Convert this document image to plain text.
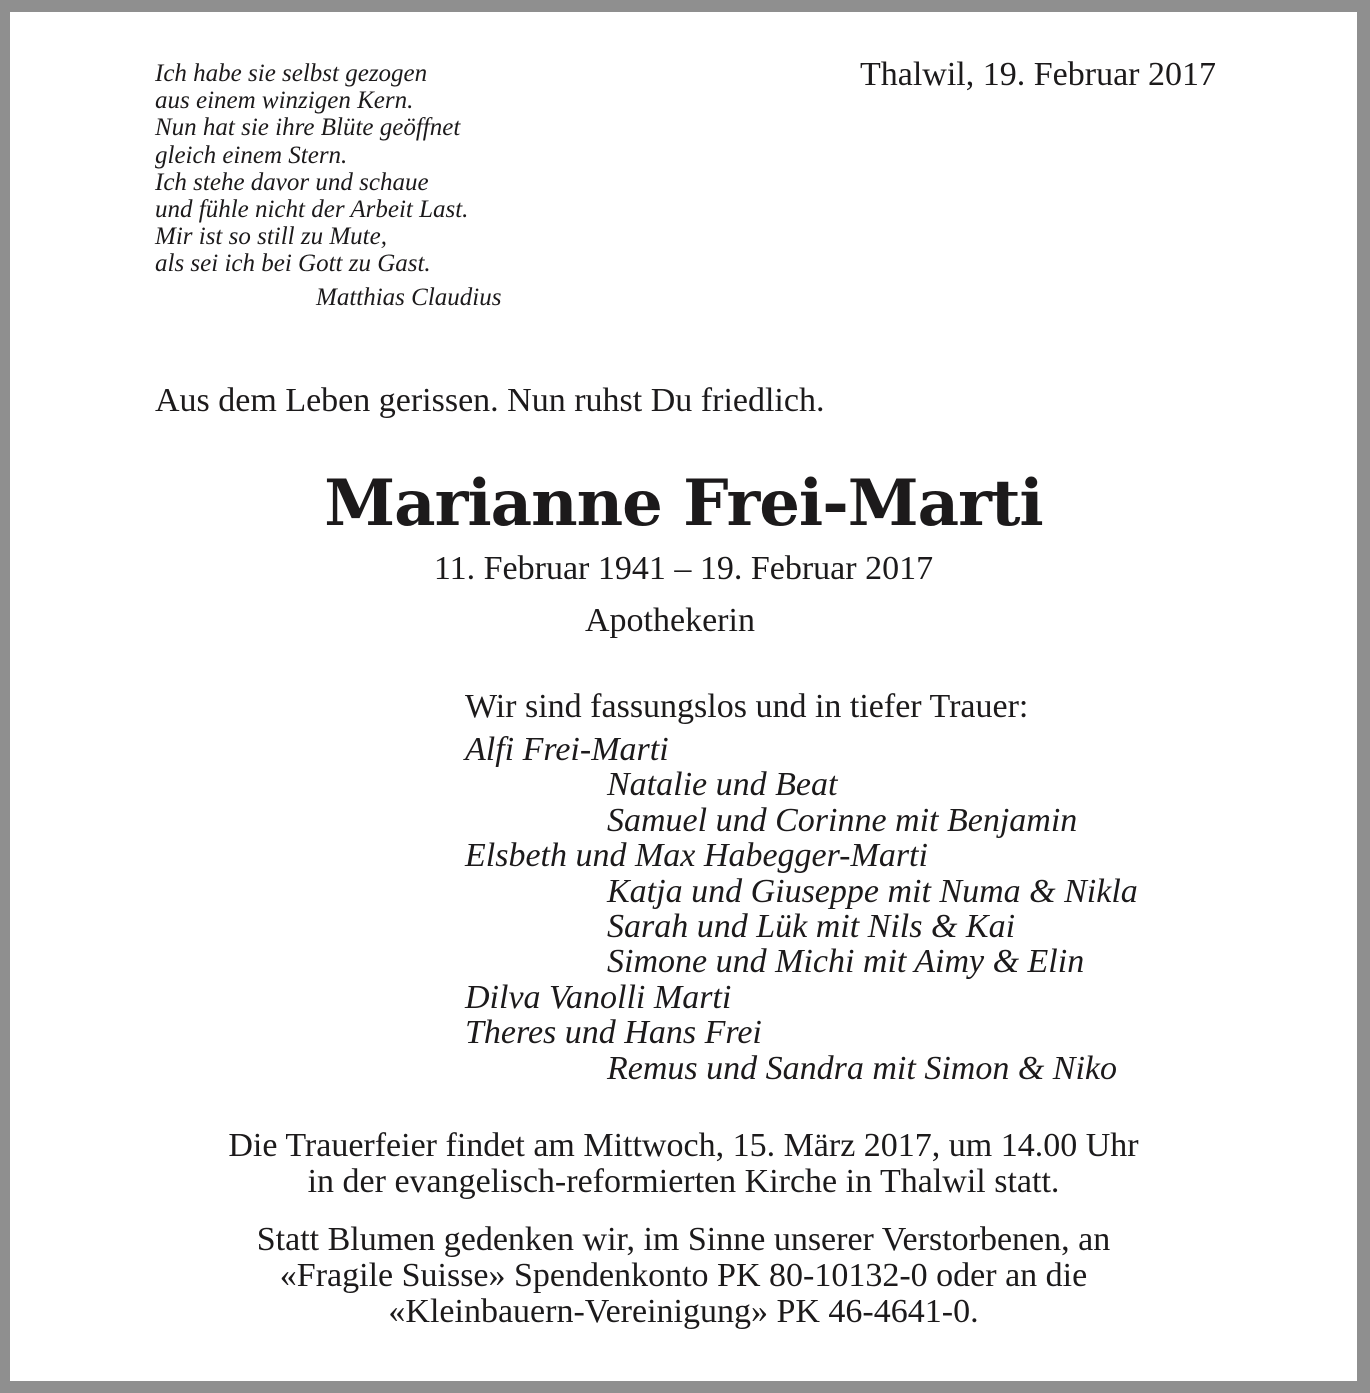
Ich habe sie selbst gezogen
aus einem winzigen Kern.
Nun hat sie ihre Blüte geöffnet
gleich einem Stern.
Ich stehe davor und schaue
und fühle nicht der Arbeit Last.
Mir ist so still zu Mute,
als sei ich bei Gott zu Gast.
Matthias Claudius
Thalwil, 19. Februar 2017
Aus dem Leben gerissen. Nun ruhst Du friedlich.
Marianne Frei-Marti
11. Februar 1941 – 19. Februar 2017
Apothekerin
Wir sind fassungslos und in tiefer Trauer:
Alfi Frei-Marti
Natalie und Beat
Samuel und Corinne mit Benjamin
Elsbeth und Max Habegger-Marti
Katja und Giuseppe mit Numa & Nikla
Sarah und Lük mit Nils & Kai
Simone und Michi mit Aimy & Elin
Dilva Vanolli Marti
Theres und Hans Frei
Remus und Sandra mit Simon & Niko
Die Trauerfeier findet am Mittwoch, 15. März 2017, um 14.00 Uhr
in der evangelisch-reformierten Kirche in Thalwil statt.
Statt Blumen gedenken wir, im Sinne unserer Verstorbenen, an
«Fragile Suisse» Spendenkonto PK 80-10132-0 oder an die
«Kleinbauern-Vereinigung» PK 46-4641-0.
